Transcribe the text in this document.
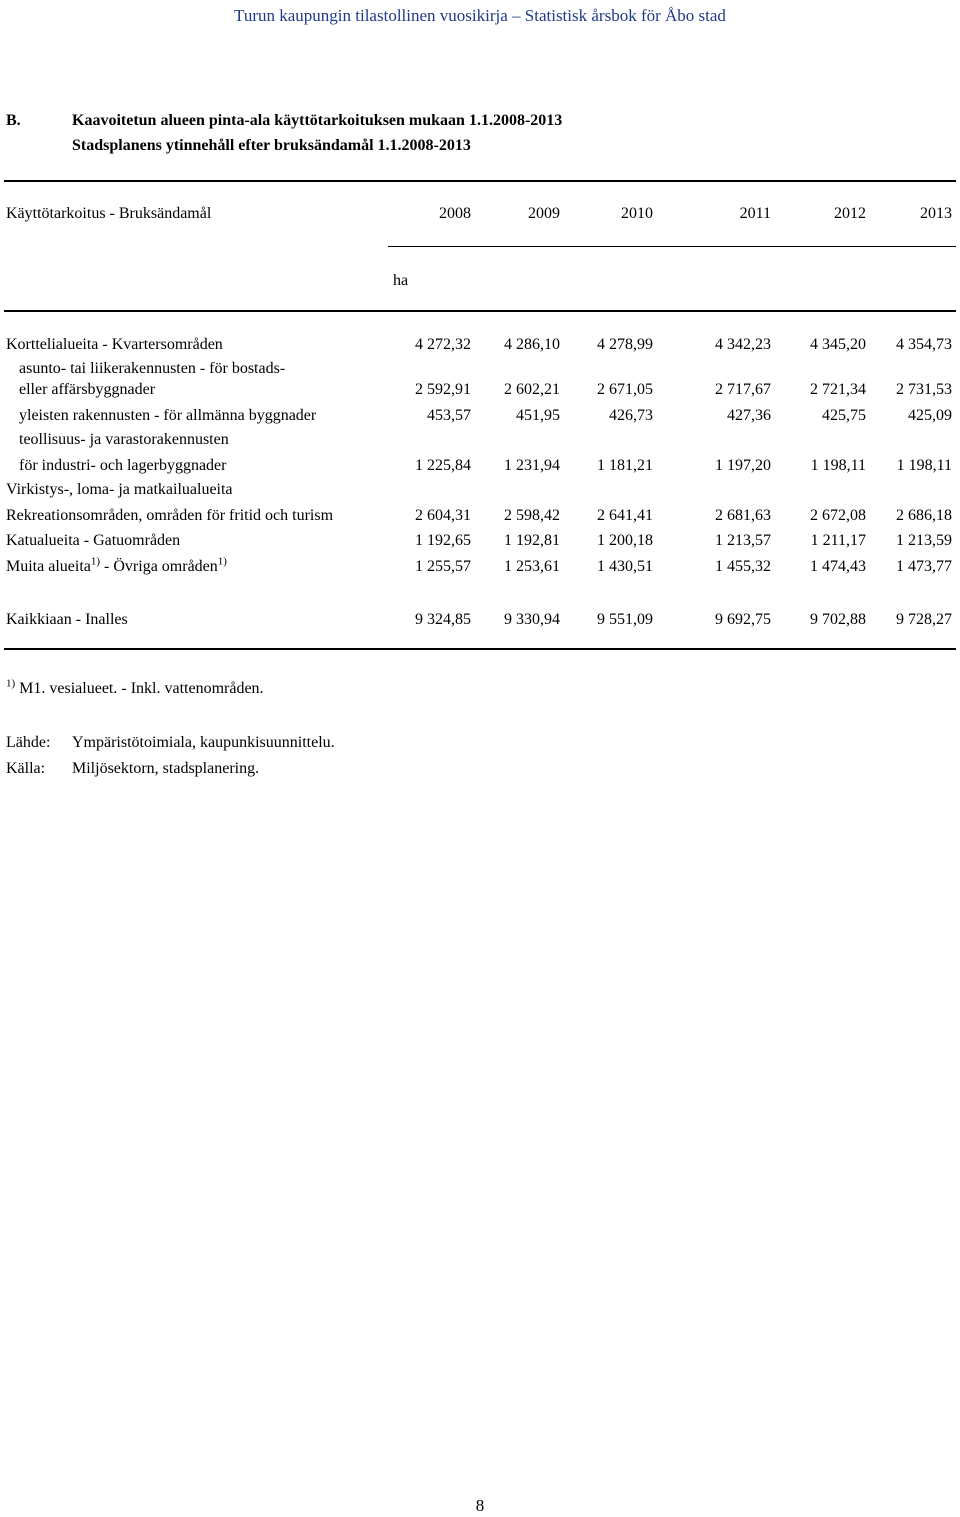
Turun kaupungin tilastollinen vuosikirja – Statistisk årsbok för Åbo stad
B.	Kaavoitetun alueen pinta-ala käyttötarkoituksen mukaan 1.1.2008-2013
Stadsplanens ytinnehåll efter bruksändamål 1.1.2008-2013
Käyttötarkoitus - Bruksändamål	2008	2009	2010	2011	2012	2013
ha
Korttelialueita - Kvartersområden	4 272,32	4 286,10	4 278,99	4 342,23	4 345,20	4 354,73
asunto- tai liikerakennusten - för bostads-
eller affärsbyggnader	2 592,91	2 602,21	2 671,05	2 717,67	2 721,34	2 731,53
yleisten rakennusten - för allmänna byggnader	453,57	451,95	426,73	427,36	425,75	425,09
teollisuus- ja varastorakennusten
för industri- och lagerbyggnader	1 225,84	1 231,94	1 181,21	1 197,20	1 198,11	1 198,11
Virkistys-, loma- ja matkailualueita
Rekreationsområden, områden för fritid och turism	2 604,31	2 598,42	2 641,41	2 681,63	2 672,08	2 686,18
Katualueita - Gatuområden	1 192,65	1 192,81	1 200,18	1 213,57	1 211,17	1 213,59
Muita alueita$^{1)}$ - Övriga områden$^{1)}$	1 255,57	1 253,61	1 430,51	1 455,32	1 474,43	1 473,77
Kaikkiaan - Inalles	9 324,85	9 330,94	9 551,09	9 692,75	9 702,88	9 728,27
$^{1)}$ M1. vesialueet. - Inkl. vattenområden.
Lähde: Ympäristötoimiala, kaupunkisuunnittelu.
Källa: Miljösektorn, stadsplanering.
8
